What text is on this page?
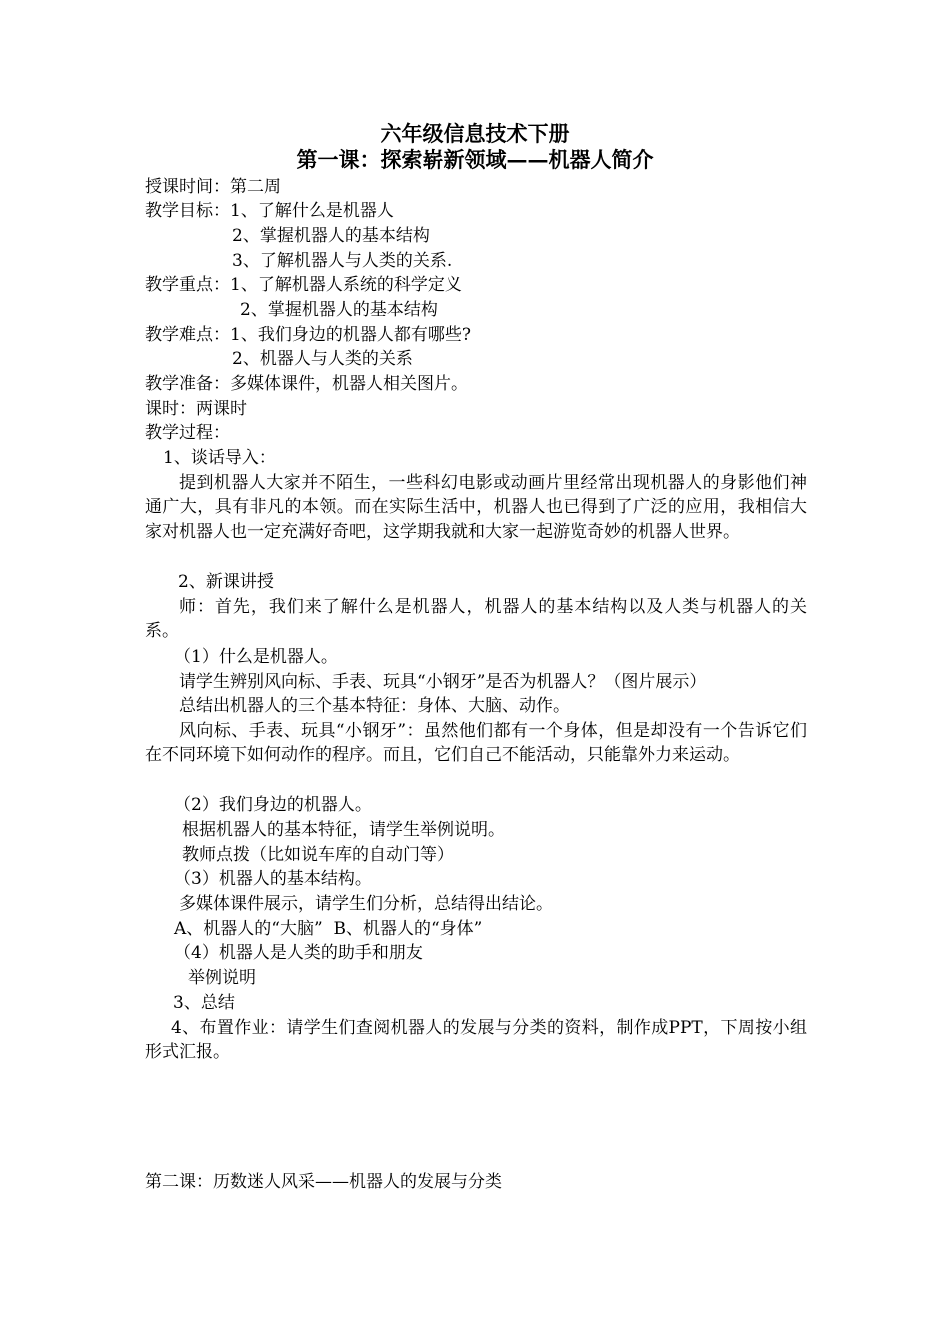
六年级信息技术下册
第一课：探索崭新领域——机器人简介
授课时间：第二周
教学目标：1、了解什么是机器人
2、掌握机器人的基本结构
3、了解机器人与人类的关系.
教学重点：1、了解机器人系统的科学定义
2、掌握机器人的基本结构
教学难点：1、我们身边的机器人都有哪些?
2、机器人与人类的关系
教学准备：多媒体课件，机器人相关图片。
课时：两课时
教学过程：
1、谈话导入：
提到机器人大家并不陌生，一些科幻电影或动画片里经常出现机器人的身影他们神通广大，具有非凡的本领。而在实际生活中，机器人也已得到了广泛的应用，我相信大家对机器人也一定充满好奇吧，这学期我就和大家一起游览奇妙的机器人世界。
2、新课讲授
师：首先，我们来了解什么是机器人，机器人的基本结构以及人类与机器人的关系。
（1）什么是机器人。
请学生辨别风向标、手表、玩具“小钢牙”是否为机器人？（图片展示）
总结出机器人的三个基本特征：身体、大脑、动作。
风向标、手表、玩具“小钢牙”：虽然他们都有一个身体，但是却没有一个告诉它们在不同环境下如何动作的程序。而且，它们自己不能活动，只能靠外力来运动。
（2）我们身边的机器人。
根据机器人的基本特征，请学生举例说明。
教师点拨（比如说车库的自动门等）
（3）机器人的基本结构。
多媒体课件展示，请学生们分析，总结得出结论。
A、机器人的“大脑”  B、机器人的“身体”
（4）机器人是人类的助手和朋友
举例说明
3、总结
4、布置作业：请学生们查阅机器人的发展与分类的资料，制作成PPT，下周按小组形式汇报。
第二课：历数迷人风采——机器人的发展与分类
